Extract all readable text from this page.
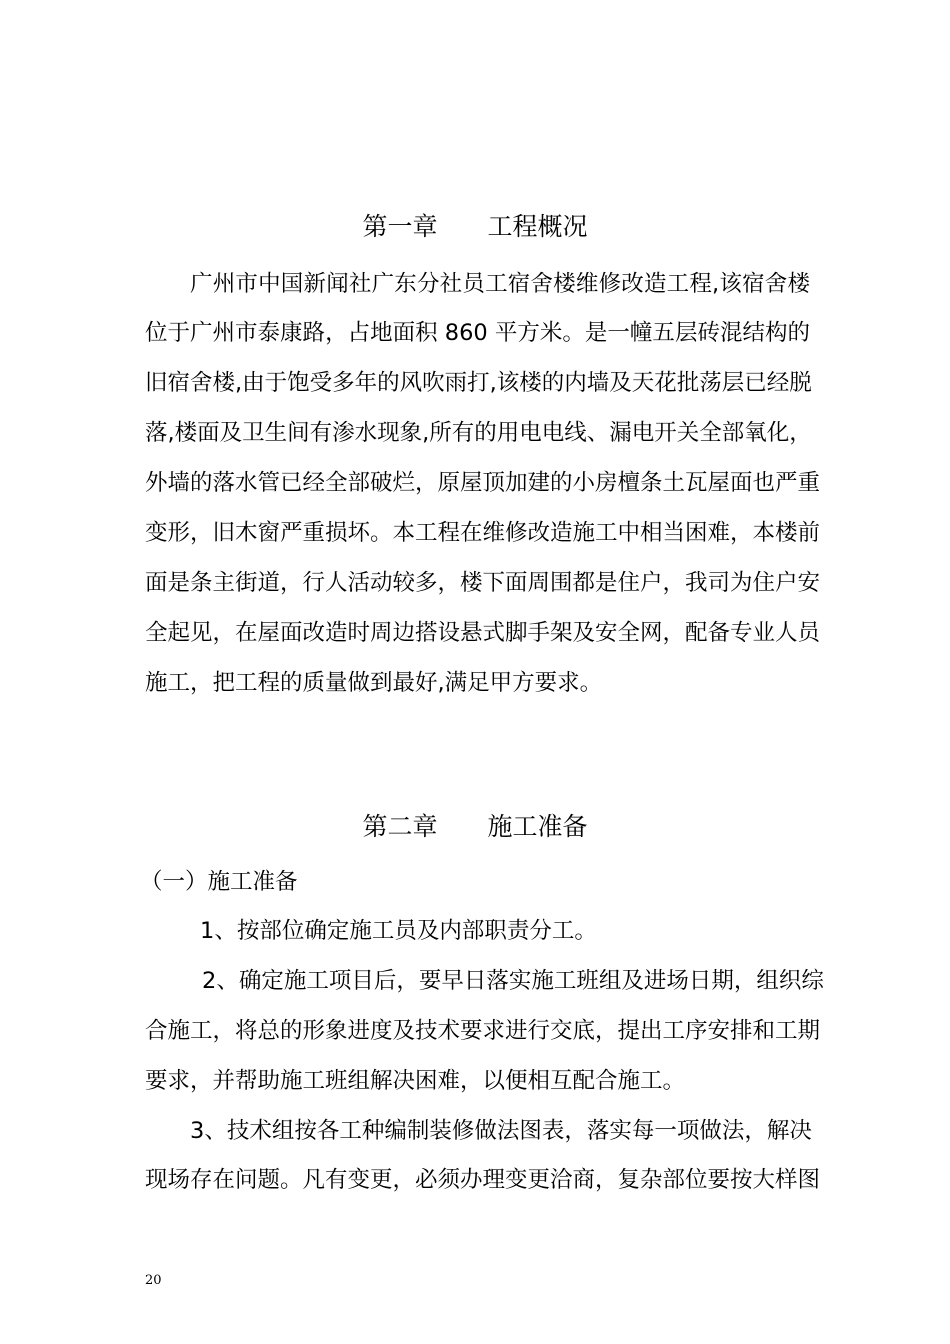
第一章　　工程概况
广州市中国新闻社广东分社员工宿舍楼维修改造工程,该宿舍楼
位于广州市泰康路，占地面积 860 平方米。是一幢五层砖混结构的
旧宿舍楼,由于饱受多年的风吹雨打,该楼的内墙及天花批荡层已经脱
落,楼面及卫生间有渗水现象,所有的用电电线、漏电开关全部氧化，
外墙的落水管已经全部破烂，原屋顶加建的小房檀条土瓦屋面也严重
变形，旧木窗严重损坏。本工程在维修改造施工中相当困难，本楼前
面是条主街道，行人活动较多，楼下面周围都是住户，我司为住户安
全起见，在屋面改造时周边搭设悬式脚手架及安全网，配备专业人员
施工，把工程的质量做到最好,满足甲方要求。
第二章　　施工准备
（一）施工准备
1、按部位确定施工员及内部职责分工。
2、确定施工项目后，要早日落实施工班组及进场日期，组织综
合施工，将总的形象进度及技术要求进行交底，提出工序安排和工期
要求，并帮助施工班组解决困难，以便相互配合施工。
3、技术组按各工种编制装修做法图表，落实每一项做法，解决
现场存在问题。凡有变更，必须办理变更洽商，复杂部位要按大样图
20
